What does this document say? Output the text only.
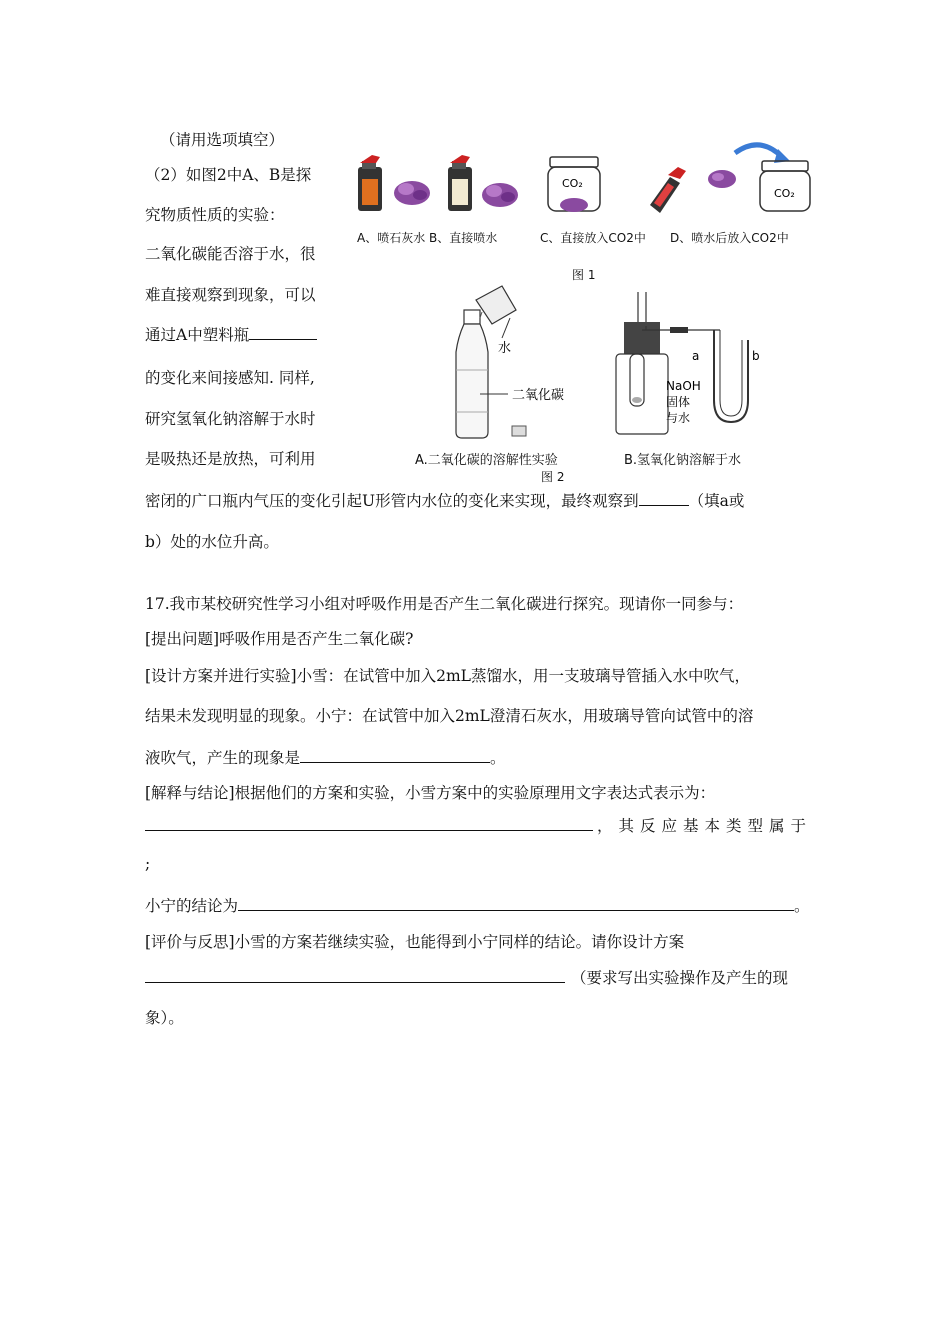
（请用选项填空）
（2）如图2中A、B是探
究物质性质的实验：
二氧化碳能否溶于水，很
难直接观察到现象，可以
通过A中塑料瓶
的变化来间接感知. 同样,
研究氢氧化钠溶解于水时
是吸热还是放热，可利用
密闭的广口瓶内气压的变化引起U形管内水位的变化来实现，最终观察到	（填a或
b）处的水位升高。
CO₂
CO₂
A、喷石灰水 B、直接喷水	C、直接放入CO2中 D、喷水后放入CO2中
图 1
水
二氧化碳
a	b
NaOH
固体
与水
A.二氧化碳的溶解性实验	B.氢氧化钠溶解于水
图 2
17.我市某校研究性学习小组对呼吸作用是否产生二氧化碳进行探究。现请你一同参与：
[提出问题]呼吸作用是否产生二氧化碳?
[设计方案并进行实验]小雪：在试管中加入2mL蒸馏水，用一支玻璃导管插入水中吹气，
结果未发现明显的现象。小宁：在试管中加入2mL澄清石灰水，用玻璃导管向试管中的溶
液吹气，产生的现象是	。
[解释与结论]根据他们的方案和实验，小雪方案中的实验原理用文字表达式表示为：
，其反应基本类型属于
;
小宁的结论为	。
[评价与反思]小雪的方案若继续实验，也能得到小宁同样的结论。请你设计方案
（要求写出实验操作及产生的现
象）。
